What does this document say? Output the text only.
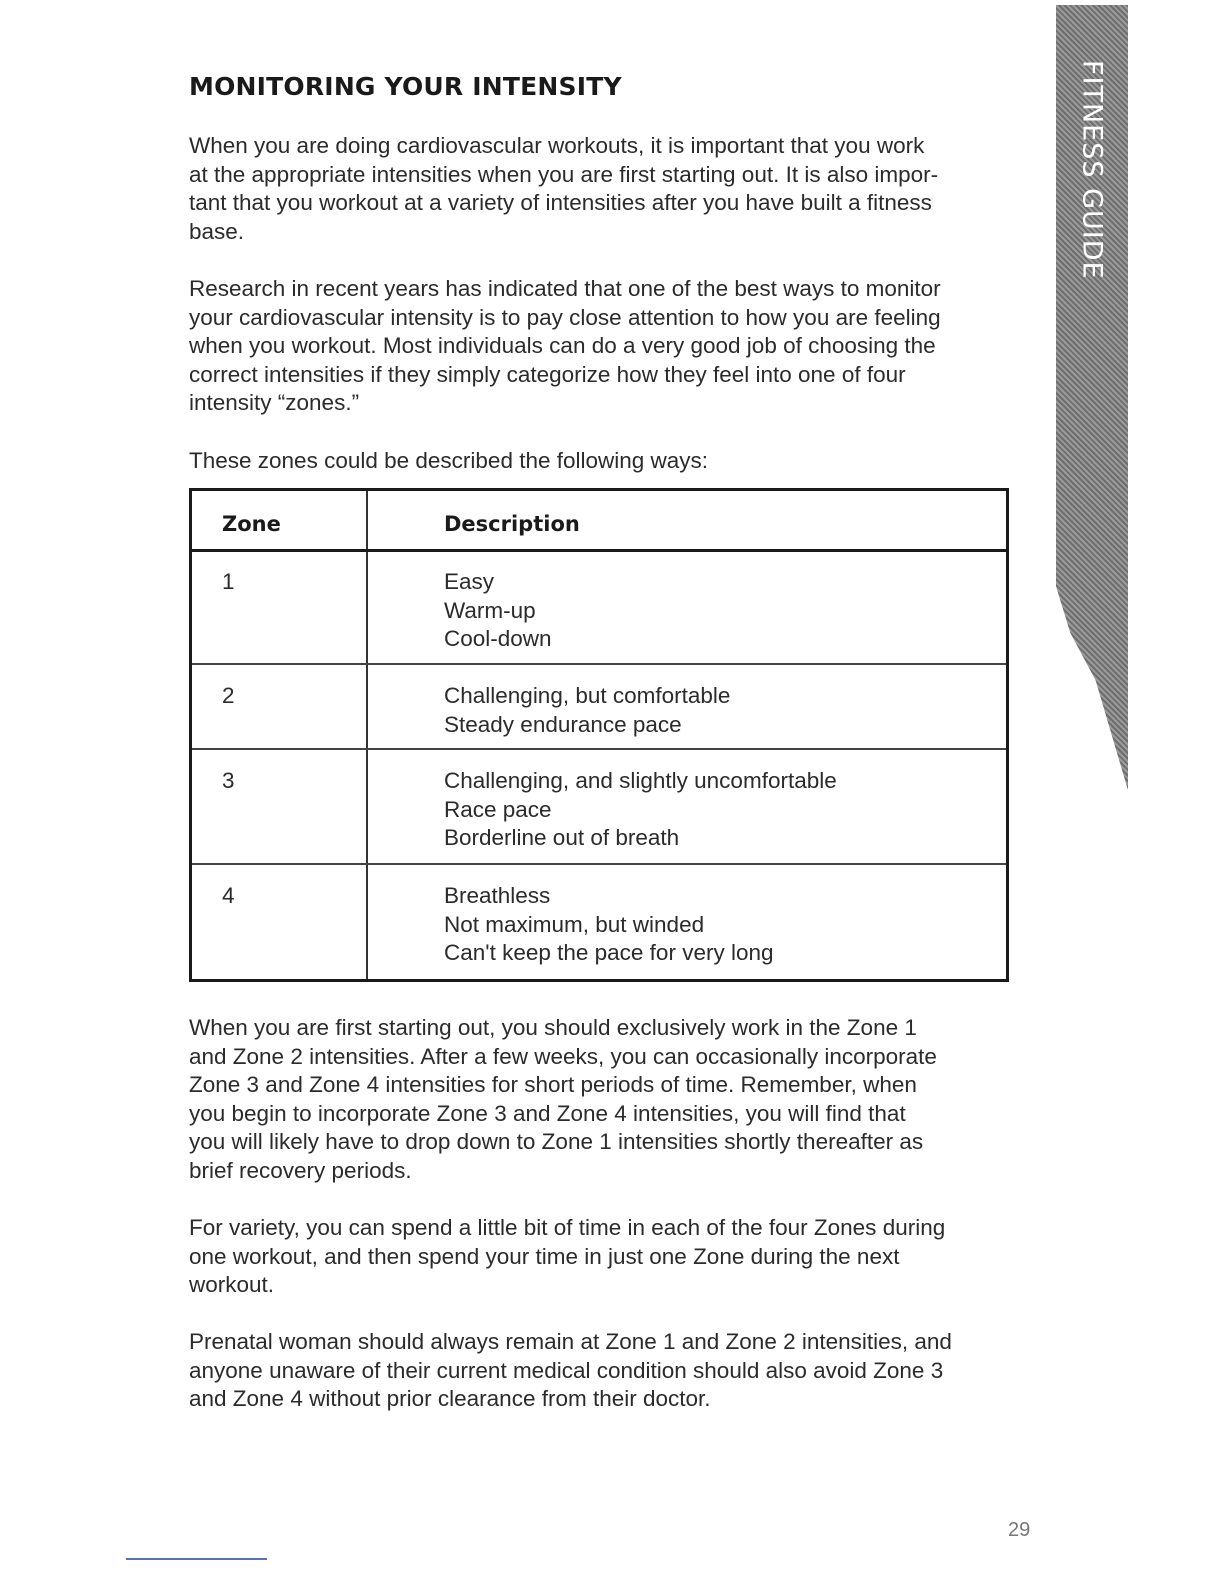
FITNESS GUIDE
MONITORING YOUR INTENSITY

When you are doing cardiovascular workouts, it is important that you work
at the appropriate intensities when you are first starting out. It is also impor-
tant that you workout at a variety of intensities after you have built a fitness
base.

Research in recent years has indicated that one of the best ways to monitor
your cardiovascular intensity is to pay close attention to how you are feeling
when you workout. Most individuals can do a very good job of choosing the
correct intensities if they simply categorize how they feel into one of four
intensity “zones.”

These zones could be described the following ways:

Zone	Description
1	Easy
Warm-up
Cool-down
2	Challenging, but comfortable
Steady endurance pace
3	Challenging, and slightly uncomfortable
Race pace
Borderline out of breath
4	Breathless
Not maximum, but winded
Can't keep the pace for very long

When you are first starting out, you should exclusively work in the Zone 1
and Zone 2 intensities. After a few weeks, you can occasionally incorporate
Zone 3 and Zone 4 intensities for short periods of time. Remember, when
you begin to incorporate Zone 3 and Zone 4 intensities, you will find that
you will likely have to drop down to Zone 1 intensities shortly thereafter as
brief recovery periods.

For variety, you can spend a little bit of time in each of the four Zones during
one workout, and then spend your time in just one Zone during the next
workout.

Prenatal woman should always remain at Zone 1 and Zone 2 intensities, and
anyone unaware of their current medical condition should also avoid Zone 3
and Zone 4 without prior clearance from their doctor.

29
